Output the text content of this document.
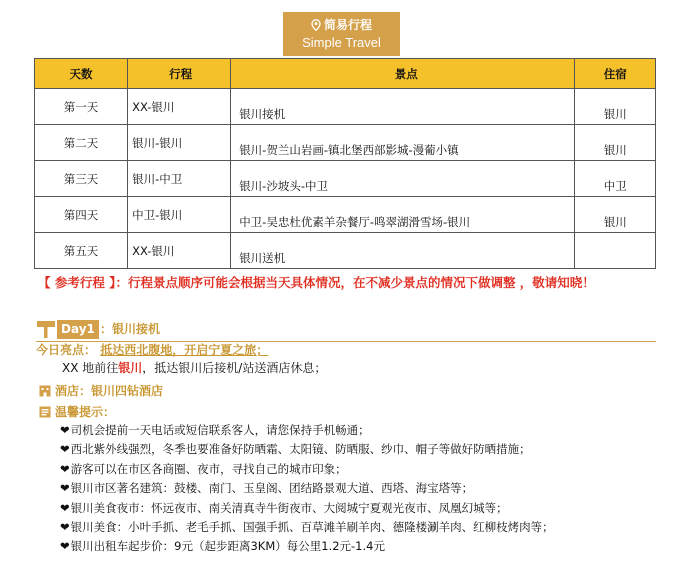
简易行程
Simple Travel
天数	行程	景点	住宿
第一天	XX-银川	银川接机	银川
第二天	银川-银川	银川-贺兰山岩画-镇北堡西部影城-漫葡小镇	银川
第三天	银川-中卫	银川-沙坡头-中卫	中卫
第四天	中卫-银川	中卫-吴忠杜优素羊杂餐厅-鸣翠湖滑雪场-银川	银川
第五天	XX-银川	银川送机	
【 参考行程 】：行程景点顺序可能会根据当天具体情况，在不减少景点的情况下做调整 ，敬请知晓！
Day1 ：银川接机
今日亮点： 抵达西北腹地，开启宁夏之旅；
XX 地前往银川，抵达银川后接机/站送酒店休息；
酒店：银川四钻酒店
温馨提示：
❤司机会提前一天电话或短信联系客人，请您保持手机畅通；
❤西北紫外线强烈，冬季也要准备好防晒霜、太阳镜、防晒服、纱巾、帽子等做好防晒措施；
❤游客可以在市区各商圈、夜市，寻找自己的城市印象；
❤银川市区著名建筑：鼓楼、南门、玉皇阁、团结路景观大道、西塔、海宝塔等；
❤银川美食夜市：怀远夜市、南关清真寺牛街夜市、大阅城宁夏观光夜市、凤凰幻城等；
❤银川美食：小叶手抓、老毛手抓、国强手抓、百草滩羊刷羊肉、德隆楼涮羊肉、红柳枝烤肉等；
❤银川出租车起步价：9元（起步距离3KM）每公里1.2元-1.4元
